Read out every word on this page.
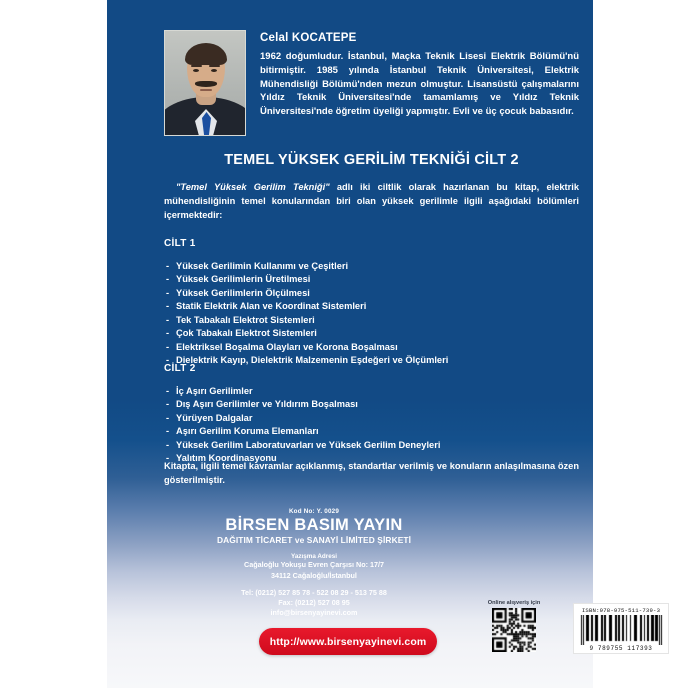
Celal KOCATEPE
1962 doğumludur. İstanbul, Maçka Teknik Lisesi Elektrik Bölümü'nü bitirmiştir. 1985 yılında İstanbul Teknik Üniversitesi, Elektrik Mühendisliği Bölümü'nden mezun olmuştur. Lisansüstü çalışmalarını Yıldız Teknik Üniversitesi'nde tamamlamış ve Yıldız Teknik Üniversitesi'nde öğretim üyeliği yapmıştır. Evli ve üç çocuk babasıdır.
TEMEL YÜKSEK GERİLİM TEKNİĞİ CİLT 2
"Temel Yüksek Gerilim Tekniği" adlı iki ciltlik olarak hazırlanan bu kitap, elektrik mühendisliğinin temel konularından biri olan yüksek gerilimle ilgili aşağıdaki bölümleri içermektedir:
CİLT 1
- Yüksek Gerilimin Kullanımı ve Çeşitleri
- Yüksek Gerilimlerin Üretilmesi
- Yüksek Gerilimlerin Ölçülmesi
- Statik Elektrik Alan ve Koordinat Sistemleri
- Tek Tabakalı Elektrot Sistemleri
- Çok Tabakalı Elektrot Sistemleri
- Elektriksel Boşalma Olayları ve Korona Boşalması
- Dielektrik Kayıp, Dielektrik Malzemenin Eşdeğeri ve Ölçümleri
CİLT 2
- İç Aşırı Gerilimler
- Dış Aşırı Gerilimler ve Yıldırım Boşalması
- Yürüyen Dalgalar
- Aşırı Gerilim Koruma Elemanları
- Yüksek Gerilim Laboratuvarları ve Yüksek Gerilim Deneyleri
- Yalıtım Koordinasyonu
Kitapta, ilgili temel kavramlar açıklanmış, standartlar verilmiş ve konuların anlaşılmasına özen gösterilmiştir.
Kod No: Y. 0029
BİRSEN BASIM YAYIN
DAĞITIM TİCARET ve SANAYİ LİMİTED ŞİRKETİ
Yazışma Adresi
Cağaloğlu Yokuşu Evren Çarşısı No: 17/7
34112 Cağaloğlu/İstanbul
Tel: (0212) 527 85 78 - 522 08 29 - 513 75 88
Fax: (0212) 527 08 95
info@birsenyayinevi.com
http://www.birsenyayinevi.com
Online alışveriş için
ISBN:978-975-511-739-3
9 789755 117393
